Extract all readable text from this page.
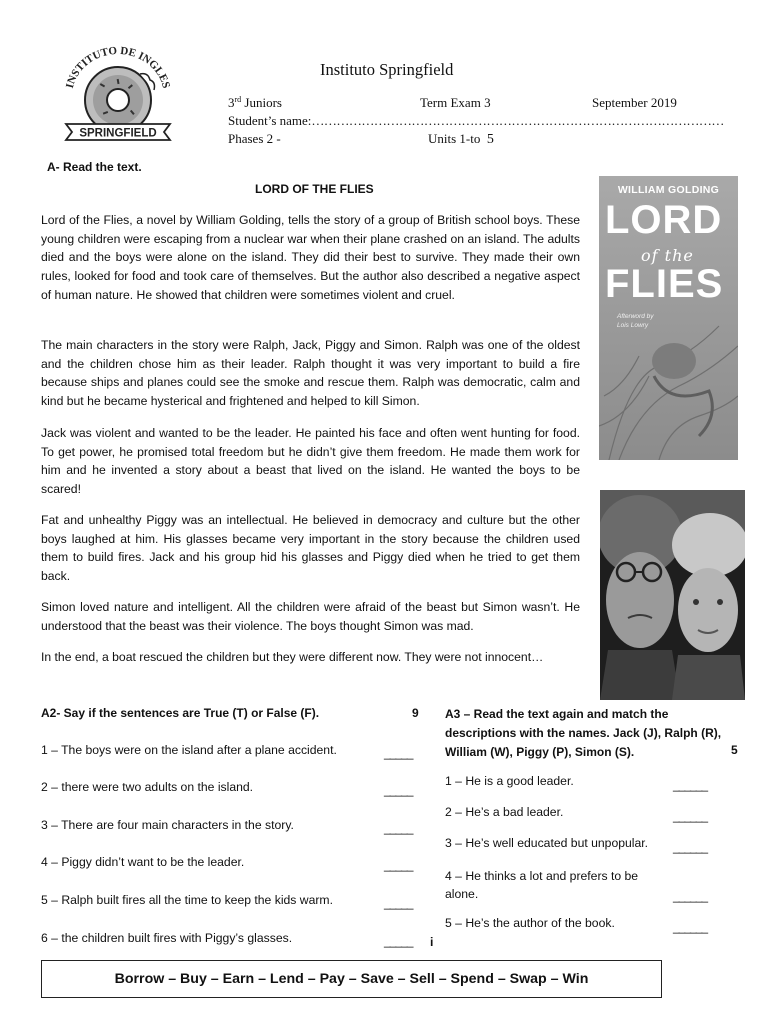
INSTITUTO DE INGLES
SPRINGFIELD
Instituto Springfield
3rd Juniors	Term Exam 3	September 2019
Student’s name:………………………………………………………………………………………
Phases 2 -	Units 1-to 5
A- Read the text.
LORD OF THE FLIES

Lord of the Flies, a novel by William Golding, tells the story of a group of British school boys. These young children were escaping from a nuclear war when their plane crashed on an island. The adults died and the boys were alone on the island. They did their best to survive. They made their own rules, looked for food and took care of themselves. But the author also described a negative aspect of human nature. He showed that children were sometimes violent and cruel.

The main characters in the story were Ralph, Jack, Piggy and Simon. Ralph was one of the oldest and the children chose him as their leader. Ralph thought it was very important to build a fire because ships and planes could see the smoke and rescue them. Ralph was democratic, calm and kind but he became hysterical and frightened and helped to kill Simon.

Jack was violent and wanted to be the leader. He painted his face and often went hunting for food. To get power, he promised total freedom but he didn’t give them freedom. He made them work for him and he invented a story about a beast that lived on the island. He wanted the boys to be scared!

Fat and unhealthy Piggy was an intellectual. He believed in democracy and culture but the other boys laughed at him. His glasses became very important in the story because the children used them to build fires. Jack and his group hid his glasses and Piggy died when he tried to get them back.

Simon loved nature and intelligent. All the children were afraid of the beast but Simon wasn’t. He understood that the beast was their violence. The boys thought Simon was mad.

In the end, a boat rescued the children but they were different now. They were not innocent…

WILLIAM GOLDING
LORD
of the
FLIES
Afterword by
Lois Lowry
A2- Say if the sentences are True (T) or False (F).	9
1 – The boys were on the island after a plane accident.	_____
2 – there were two adults on the island.	_____
3 – There are four main characters in the story.	_____
4 – Piggy didn’t want to be the leader.	_____
5 – Ralph built fires all the time to keep the kids warm.	_____
6 – the children built fires with Piggy’s glasses.	_____ i
A3 – Read the text again and match the descriptions with the names. Jack (J), Ralph (R), William (W), Piggy (P), Simon (S).	5
1 – He is a good leader.	______
2 – He’s a bad leader.	______
3 – He’s well educated but unpopular. ______
4 – He thinks a lot and prefers to be alone.	______
5 – He’s the author of the book.	______
Borrow – Buy – Earn – Lend – Pay – Save – Sell – Spend – Swap – Win
